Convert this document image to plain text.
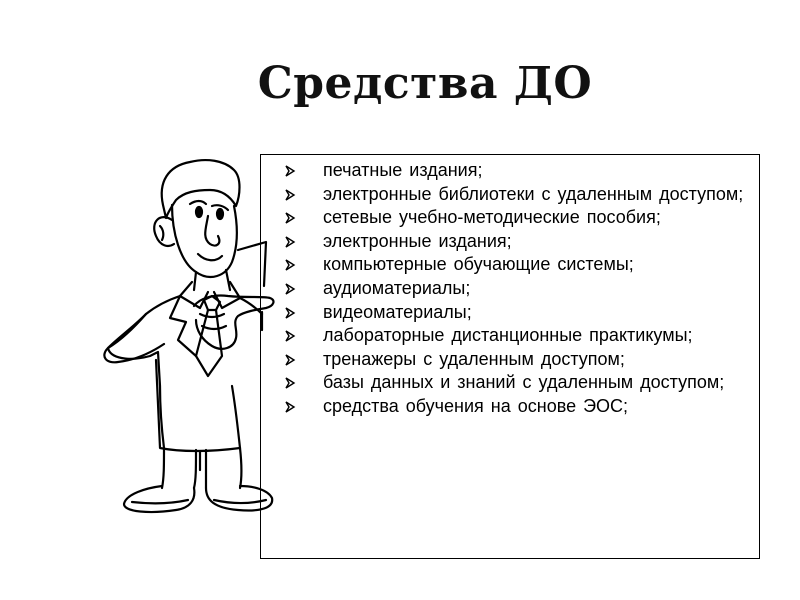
Средства ДО
печатные издания;
электронные библиотеки с удаленным доступом;
сетевые учебно-методические пособия;
электронные издания;
компьютерные обучающие системы;
аудиоматериалы;
видеоматериалы;
лабораторные дистанционные практикумы;
тренажеры с удаленным доступом;
базы данных и знаний с удаленным доступом;
средства обучения на основе ЭОС;
